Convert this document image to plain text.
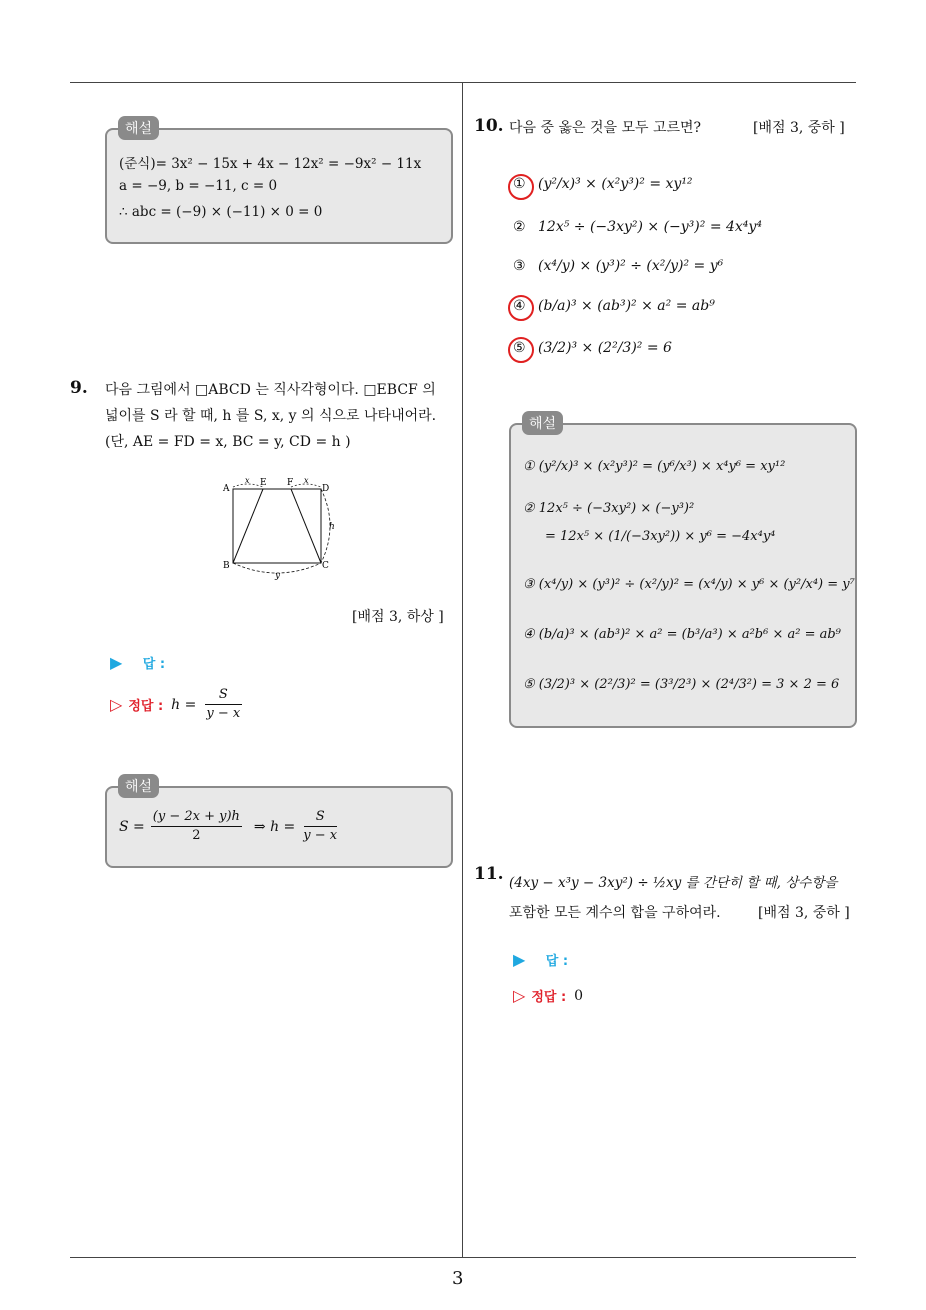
(준식)= 3x² − 15x + 4x − 12x² = −9x² − 11x
a = −9, b = −11, c = 0
∴ abc = (−9) × (−11) × 0 = 0
해설
9. 다음 그림에서 □ABCD 는 직사각형이다. □EBCF 의
넓이를 S 라 할 때, h 를 S, x, y 의 식으로 나타내어라.
(단, AE = FD = x, BC = y, CD = h )
A
E F
D
B	C
x	x
h
y
[배점 3, 하상 ]
▶ 답 :
▷ 정답 : $h = \frac{S}{y - x}$
$S = \frac{(y - 2x + y)h}{2}$ ⇒ $h = \frac{S}{y - x}$
해설
10. 다음 중 옳은 것을 모두 고르면?	[배점 3, 중하 ]
① (y²/x)³ × (x²y³)² = xy¹²
② 12x⁵ ÷ (−3xy²) × (−y³)² = 4x⁴y⁴
③ (x⁴/y) × (y³)² ÷ (x²/y)² = y⁶
④ (b/a)³ × (ab³)² × a² = ab⁹
⑤ (3/2)³ × (2²/3)² = 6
① (y²/x)³ × (x²y³)² = (y⁶/x³) × x⁴y⁶ = xy¹²
② 12x⁵ ÷ (−3xy²) × (−y³)²
= 12x⁵ × (1/(−3xy²)) × y⁶ = −4x⁴y⁴
③ (x⁴/y) × (y³)² ÷ (x²/y)² = (x⁴/y) × y⁶ × (y²/x⁴) = y⁷
④ (b/a)³ × (ab³)² × a² = (b³/a³) × a²b⁶ × a² = ab⁹
⑤ (3/2)³ × (2²/3)² = (3³/2³) × (2⁴/3²) = 3 × 2 = 6
해설
11. (4xy − x³y − 3xy²) ÷ ½xy 를 간단히 할 때, 상수항을
포함한 모든 계수의 합을 구하여라.	[배점 3, 중하 ]
▶ 답 :
▷ 정답 : 0
3
